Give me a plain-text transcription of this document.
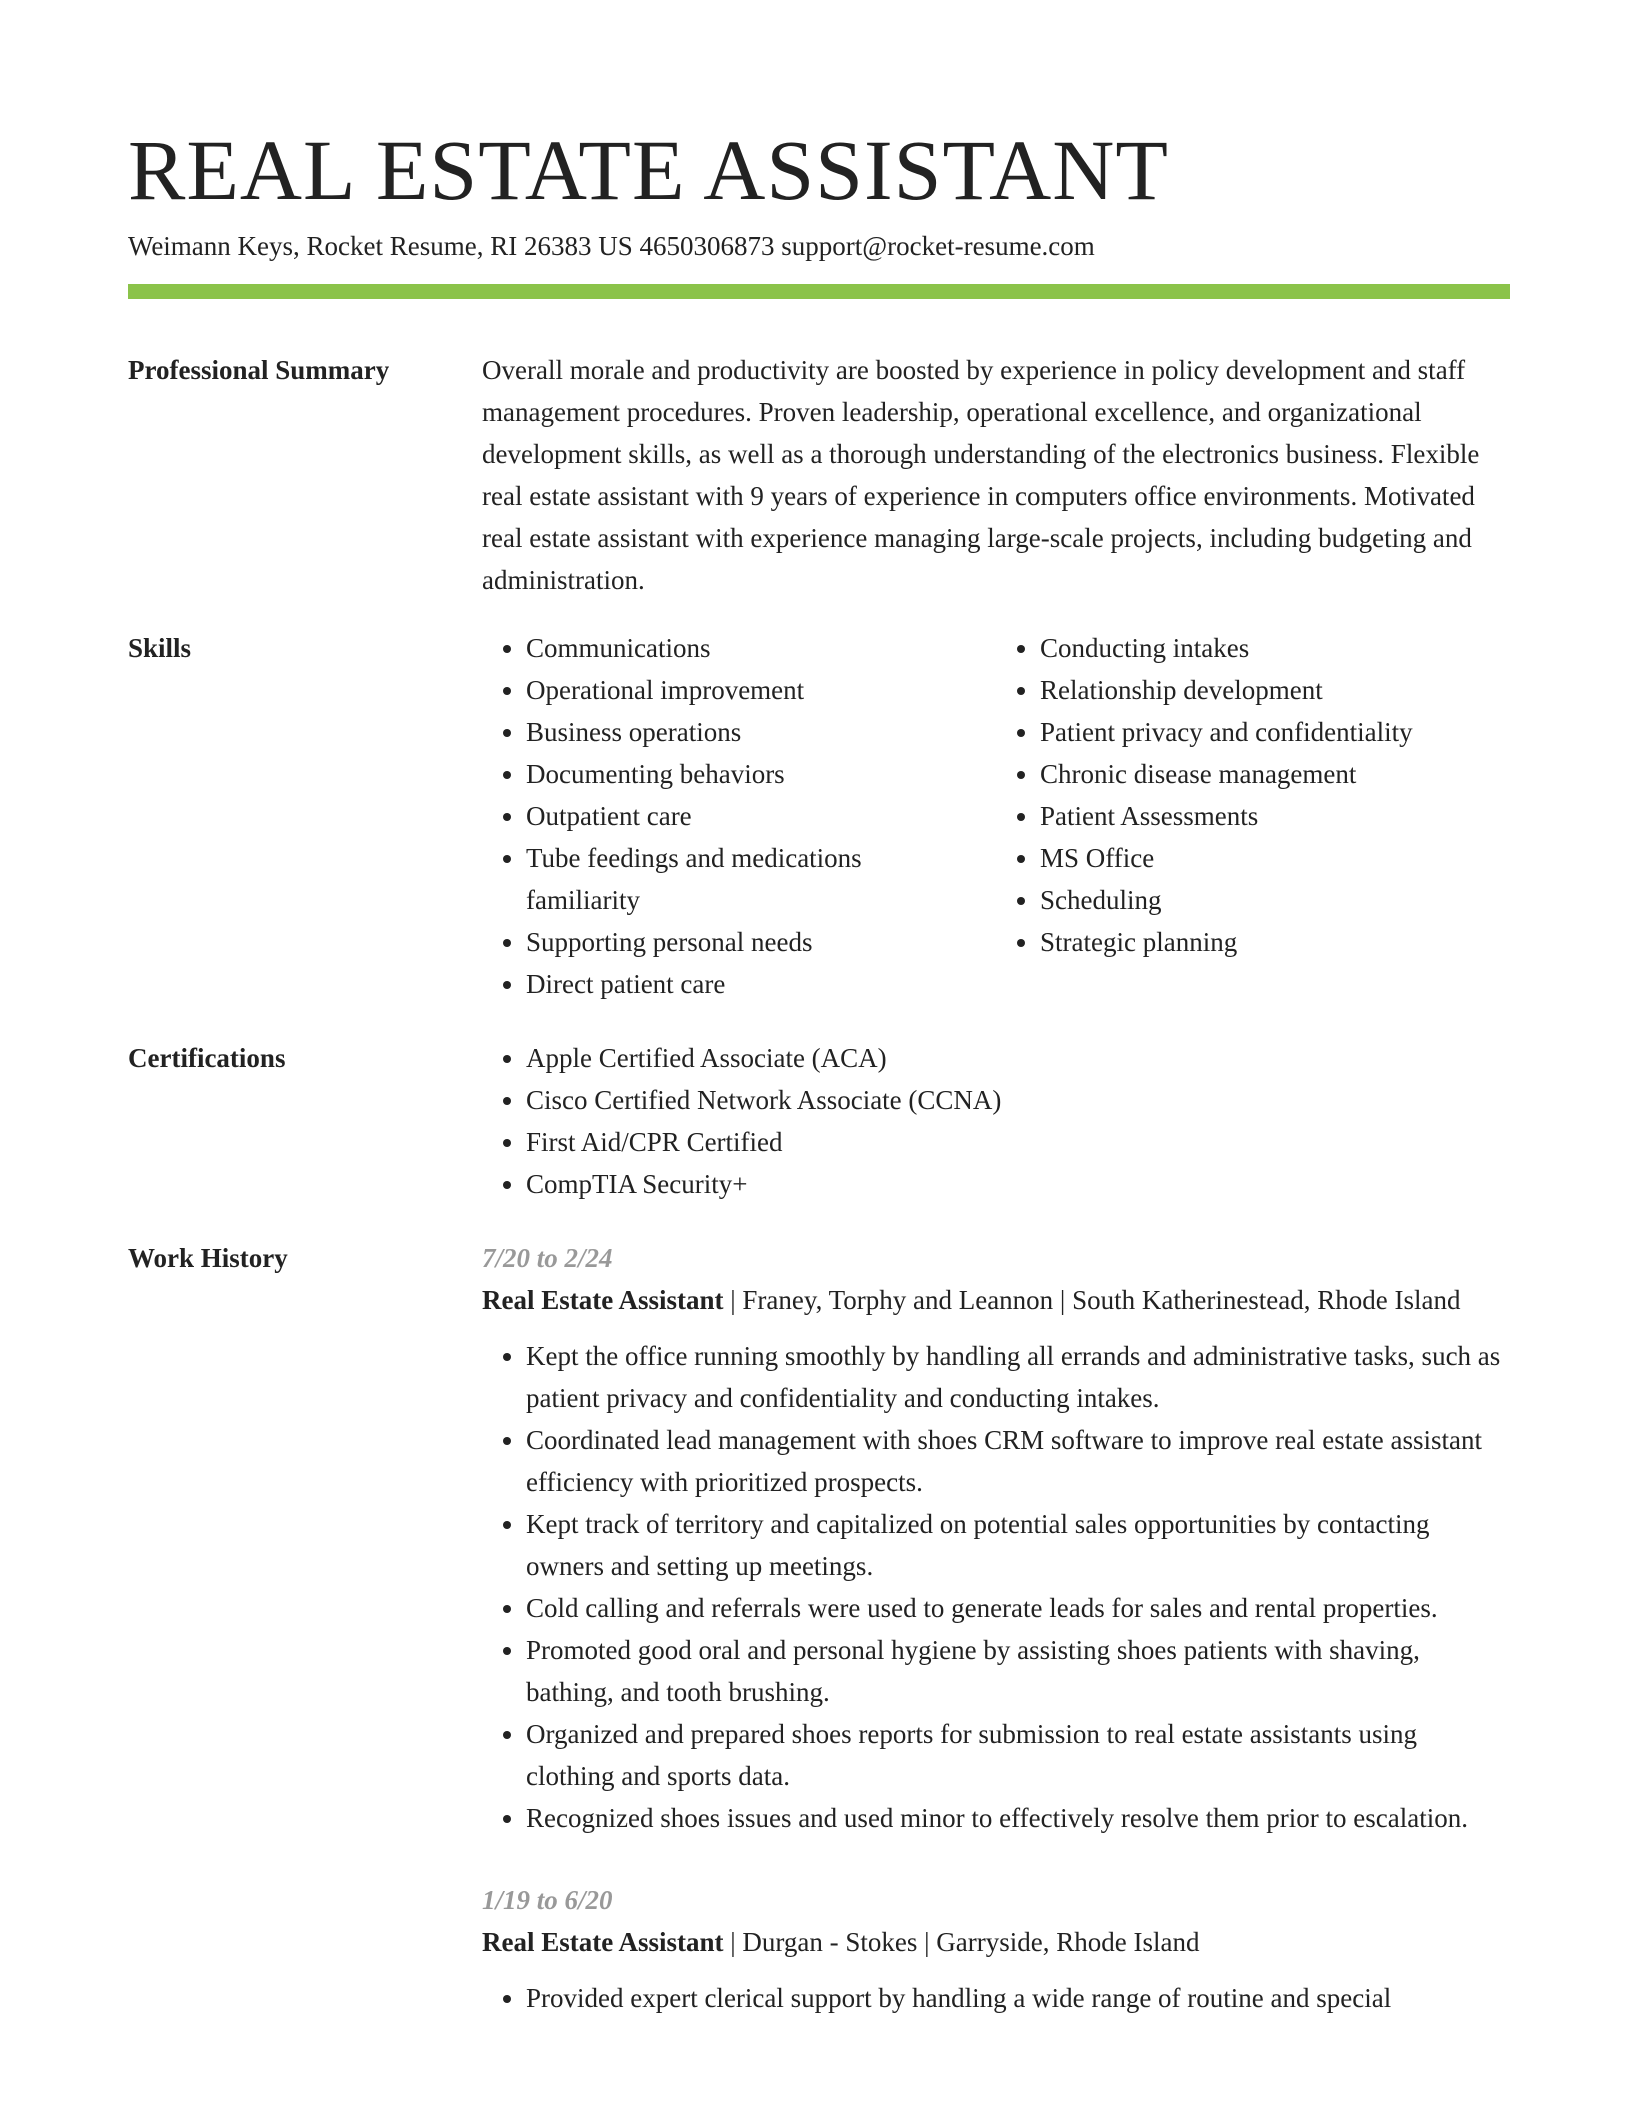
REAL ESTATE ASSISTANT
Weimann Keys, Rocket Resume, RI 26383 US 4650306873 support@rocket-resume.com
Professional Summary	Overall morale and productivity are boosted by experience in policy development and staff management procedures. Proven leadership, operational excellence, and organizational development skills, as well as a thorough understanding of the electronics business. Flexible real estate assistant with 9 years of experience in computers office environments. Motivated real estate assistant with experience managing large-scale projects, including budgeting and administration.

Skills	• Communications
• Operational improvement
• Business operations
• Documenting behaviors
• Outpatient care
• Tube feedings and medications familiarity
• Supporting personal needs
• Direct patient care
• Conducting intakes
• Relationship development
• Patient privacy and confidentiality
• Chronic disease management
• Patient Assessments
• MS Office
• Scheduling
• Strategic planning
Certifications	• Apple Certified Associate (ACA)
• Cisco Certified Network Associate (CCNA)
• First Aid/CPR Certified
• CompTIA Security+
Work History	7/20 to 2/24
Real Estate Assistant | Franey, Torphy and Leannon | South Katherinestead, Rhode Island
• Kept the office running smoothly by handling all errands and administrative tasks, such as patient privacy and confidentiality and conducting intakes.
• Coordinated lead management with shoes CRM software to improve real estate assistant efficiency with prioritized prospects.
• Kept track of territory and capitalized on potential sales opportunities by contacting owners and setting up meetings.
• Cold calling and referrals were used to generate leads for sales and rental properties.
• Promoted good oral and personal hygiene by assisting shoes patients with shaving, bathing, and tooth brushing.
• Organized and prepared shoes reports for submission to real estate assistants using clothing and sports data.
• Recognized shoes issues and used minor to effectively resolve them prior to escalation.
1/19 to 6/20
Real Estate Assistant | Durgan - Stokes | Garryside, Rhode Island
• Provided expert clerical support by handling a wide range of routine and special
